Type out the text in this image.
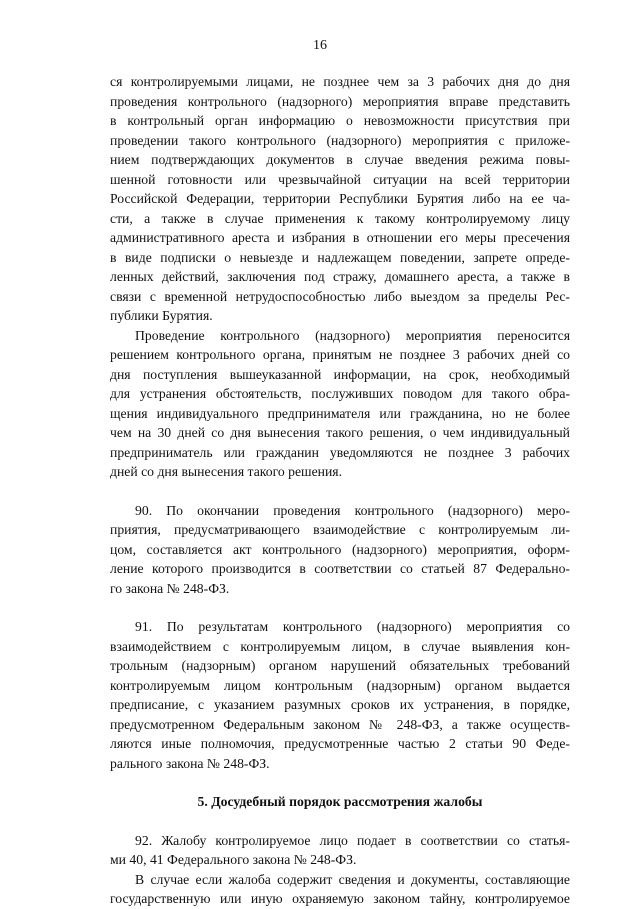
16
ся контролируемыми лицами, не позднее чем за 3 рабочих дня до дня
проведения контрольного (надзорного) мероприятия вправе представить
в контрольный орган информацию о невозможности присутствия при
проведении такого контрольного (надзорного) мероприятия с приложе-
нием подтверждающих документов в случае введения режима повы-
шенной готовности или чрезвычайной ситуации на всей территории
Российской Федерации, территории Республики Бурятия либо на ее ча-
сти, а также в случае применения к такому контролируемому лицу
административного ареста и избрания в отношении его меры пресечения
в виде подписки о невыезде и надлежащем поведении, запрете опреде-
ленных действий, заключения под стражу, домашнего ареста, а также в
связи с временной нетрудоспособностью либо выездом за пределы Рес-
публики Бурятия.
Проведение контрольного (надзорного) мероприятия переносится
решением контрольного органа, принятым не позднее 3 рабочих дней со
дня поступления вышеуказанной информации, на срок, необходимый
для устранения обстоятельств, послуживших поводом для такого обра-
щения индивидуального предпринимателя или гражданина, но не более
чем на 30 дней со дня вынесения такого решения, о чем индивидуальный
предприниматель или гражданин уведомляются не позднее 3 рабочих
дней со дня вынесения такого решения.
90. По окончании проведения контрольного (надзорного) меро-
приятия, предусматривающего взаимодействие с контролируемым ли-
цом, составляется акт контрольного (надзорного) мероприятия, оформ-
ление которого производится в соответствии со статьей 87 Федерально-
го закона № 248-ФЗ.
91. По результатам контрольного (надзорного) мероприятия со
взаимодействием с контролируемым лицом, в случае выявления кон-
трольным (надзорным) органом нарушений обязательных требований
контролируемым лицом контрольным (надзорным) органом выдается
предписание, с указанием разумных сроков их устранения, в порядке,
предусмотренном Федеральным законом № 248-ФЗ, а также осуществ-
ляются иные полномочия, предусмотренные частью 2 статьи 90 Феде-
рального закона № 248-ФЗ.
5. Досудебный порядок рассмотрения жалобы
92. Жалобу контролируемое лицо подает в соответствии со статья-
ми 40, 41 Федерального закона № 248-ФЗ.
В случае если жалоба содержит сведения и документы, составляющие
государственную или иную охраняемую законом тайну, контролируемое
